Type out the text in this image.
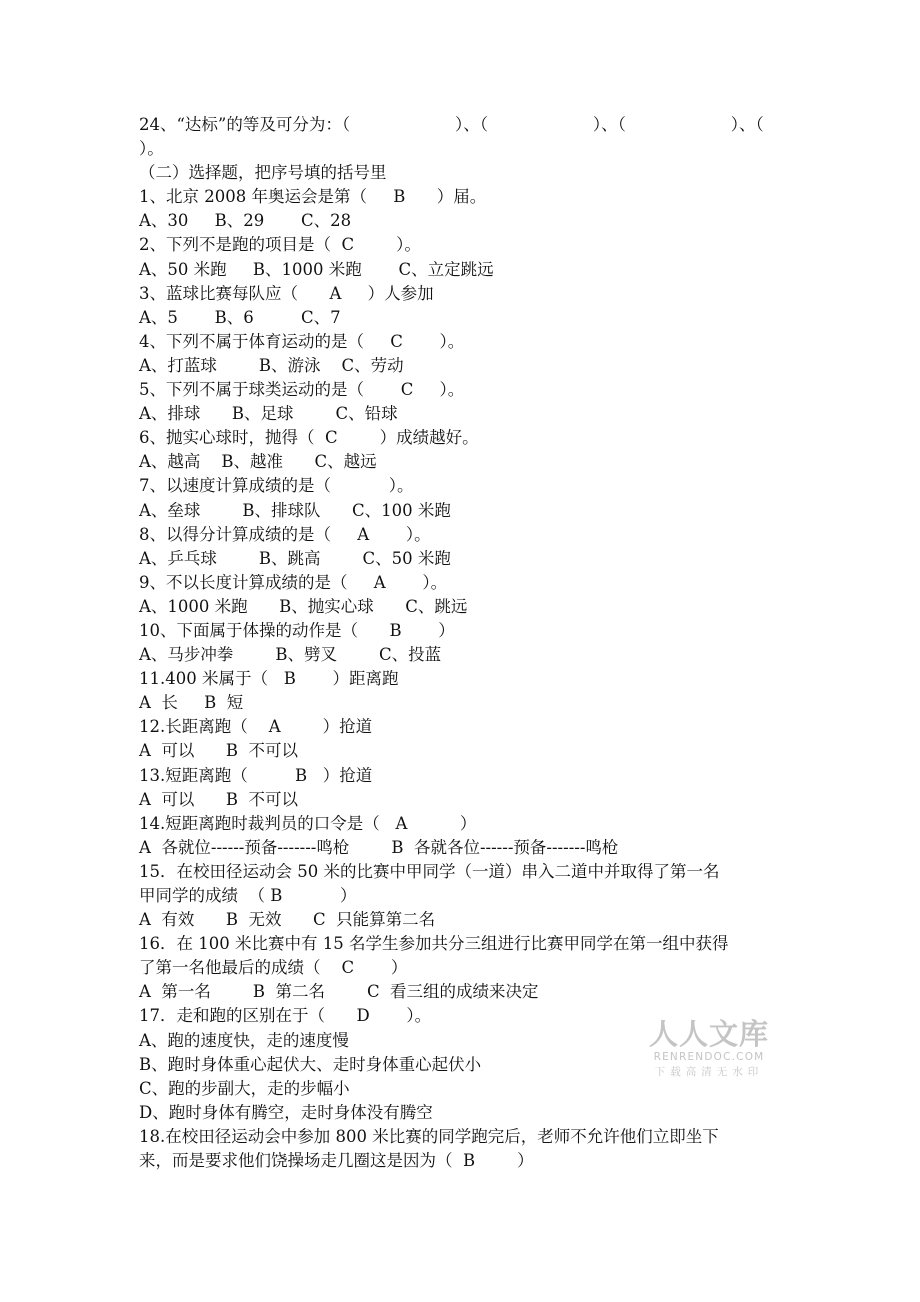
24、“达标”的等及可分为：（                    ）、（                    ）、（                    ）、（
）。
（二）选择题，把序号填的括号里
1、北京 2008 年奥运会是第（     B      ）届。
A、30     B、29       C、28
2、下列不是跑的项目是（  C        ）。
A、50 米跑     B、1000 米跑       C、立定跳远
3、蓝球比赛每队应（      A     ）人参加
A、5       B、6         C、7
4、下列不属于体育运动的是（     C       ）。
A、打蓝球        B、游泳    C、劳动
5、下列不属于球类运动的是（       C     ）。
A、排球      B、足球        C、铅球
6、抛实心球时，抛得（  C        ）成绩越好。
A、越高    B、越准      C、越远
7、以速度计算成绩的是（           ）。
A、垒球        B、排球队      C、100 米跑
8、以得分计算成绩的是（     A       ）。
A、乒乓球        B、跳高        C、50 米跑
9、不以长度计算成绩的是（     A       ）。
A、1000 米跑      B、抛实心球      C、跳远
10、下面属于体操的动作是（      B       ）
A、马步冲拳        B、劈叉        C、投蓝
11.400 米属于（   B       ）距离跑
A  长     B  短
12.长距离跑（    A        ）抢道
A  可以      B  不可以
13.短距离跑（         B   ）抢道
A  可以      B  不可以
14.短距离跑时裁判员的口令是（   A          ）
A  各就位------预备-------鸣枪        B  各就各位------预备-------鸣枪
15．在校田径运动会 50 米的比赛中甲同学（一道）串入二道中并取得了第一名
甲同学的成绩  （ B           ）
A  有效      B  无效      C  只能算第二名
16．在 100 米比赛中有 15 名学生参加共分三组进行比赛甲同学在第一组中获得
了第一名他最后的成绩（    C       ）
A  第一名        B  第二名        C  看三组的成绩来决定
17．走和跑的区别在于（      D       ）。
A、跑的速度快，走的速度慢
B、跑时身体重心起伏大、走时身体重心起伏小
C、跑的步副大，走的步幅小
D、跑时身体有腾空，走时身体没有腾空
18.在校田径运动会中参加 800 米比赛的同学跑完后，老师不允许他们立即坐下
来，而是要求他们饶操场走几圈这是因为（  B        ）
人人文库
RENRENDOC.COM
下载高清无水印
